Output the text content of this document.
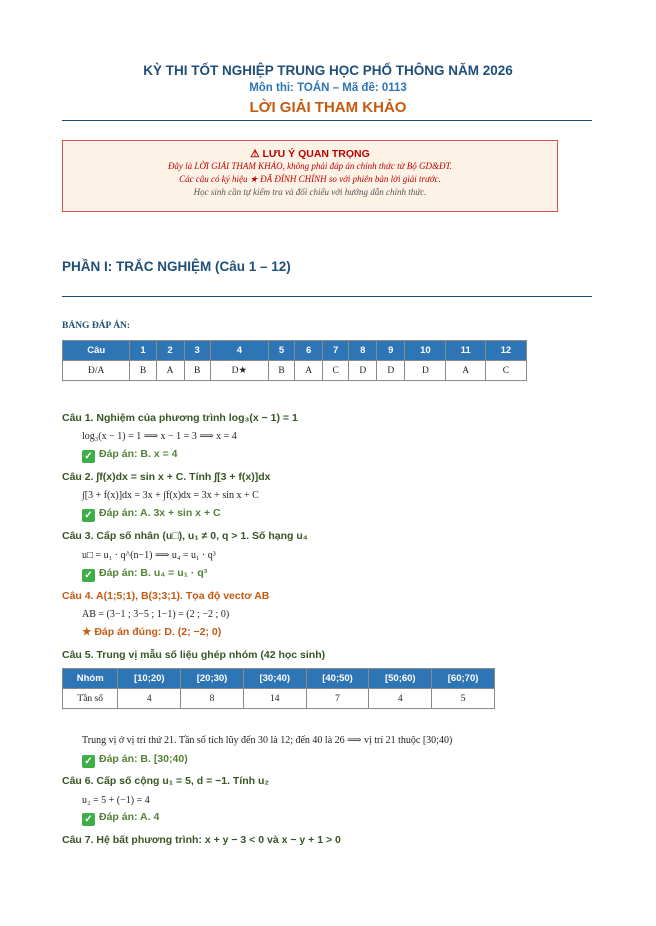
KỲ THI TỐT NGHIỆP TRUNG HỌC PHỔ THÔNG NĂM 2026
Môn thi: TOÁN – Mã đề: 0113
LỜI GIẢI THAM KHẢO
⚠ LƯU Ý QUAN TRỌNG
Đây là LỜI GIẢI THAM KHẢO, không phải đáp án chính thức từ Bộ GD&ĐT.
Các câu có ký hiệu ★ ĐÃ ĐÍNH CHÍNH so với phiên bản lời giải trước.
Học sinh cần tự kiểm tra và đối chiếu với hướng dẫn chính thức.
PHẦN I: TRẮC NGHIỆM (Câu 1 – 12)
BẢNG ĐÁP ÁN:
Câu	1	2	3	4	5	6	7	8	9	10	11	12
Đ/A	B	A	B	D★	B	A	C	D	D	D	A	C
Câu 1. Nghiệm của phương trình log₃(x − 1) = 1
log₃(x − 1) = 1 ⟹ x − 1 = 3 ⟹ x = 4
✓ Đáp án: B. x = 4
Câu 2. ∫f(x)dx = sin x + C. Tính ∫[3 + f(x)]dx
∫[3 + f(x)]dx = 3x + ∫f(x)dx = 3x + sin x + C
✓ Đáp án: A. 3x + sin x + C
Câu 3. Cấp số nhân (u□), u₁ ≠ 0, q > 1. Số hạng u₄
u□ = u₁ · q^(n−1) ⟹ u₄ = u₁ · q³
✓ Đáp án: B. u₄ = u₁ · q³
Câu 4. A(1;5;1), B(3;3;1). Tọa độ vectơ AB
AB = (3−1 ; 3−5 ; 1−1) = (2 ; −2 ; 0)
★ Đáp án đúng: D. (2; −2; 0)
Câu 5. Trung vị mẫu số liệu ghép nhóm (42 học sinh)
Nhóm	[10;20)	[20;30)	[30;40)	[40;50)	[50;60)	[60;70)
Tần số	4	8	14	7	4	5
Trung vị ở vị trí thứ 21. Tần số tích lũy đến 30 là 12; đến 40 là 26 ⟹ vị trí 21 thuộc [30;40)
✓ Đáp án: B. [30;40)
Câu 6. Cấp số cộng u₁ = 5, d = −1. Tính u₂
u₂ = 5 + (−1) = 4
✓ Đáp án: A. 4
Câu 7. Hệ bất phương trình: x + y − 3 < 0 và x − y + 1 > 0
